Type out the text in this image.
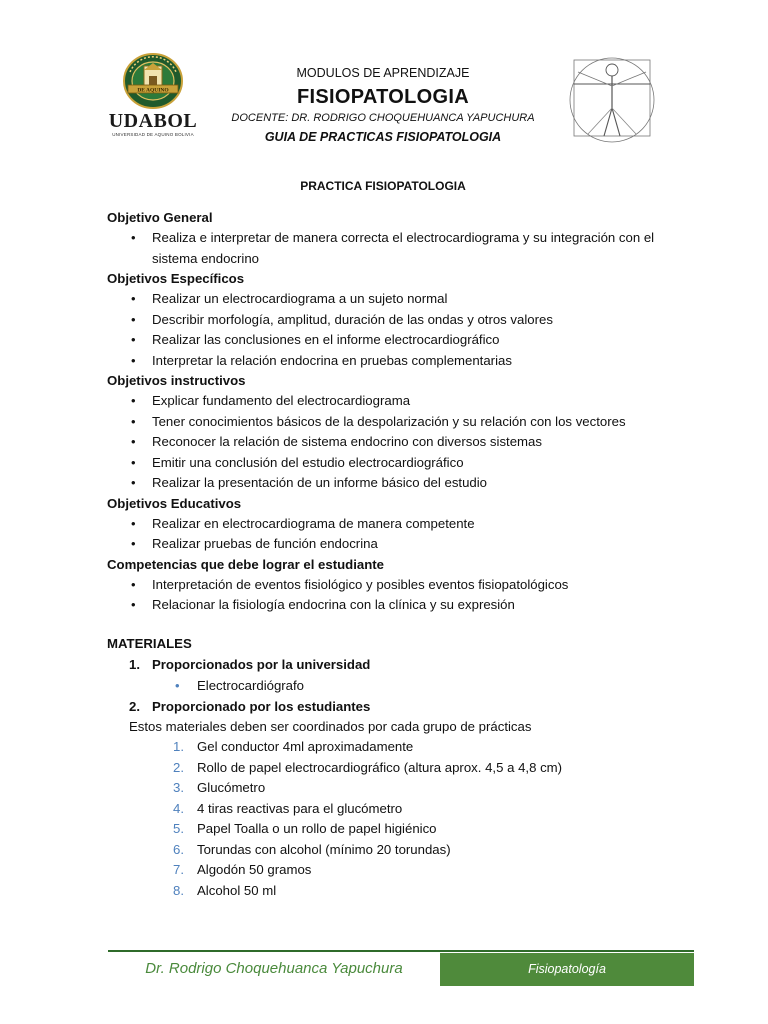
DE AQUINO
UDABOL
UNIVERSIDAD DE AQUINO BOLIVIA
MODULOS DE APRENDIZAJE
FISIOPATOLOGIA
DOCENTE: DR. RODRIGO CHOQUEHUANCA YAPUCHURA
GUIA DE PRACTICAS FISIOPATOLOGIA
PRACTICA FISIOPATOLOGIA

Objetivo General

• Realiza e interpretar de manera correcta el electrocardiograma y su integración con el sistema endocrino

Objetivos Específicos

• Realizar un electrocardiograma a un sujeto normal
• Describir morfología, amplitud, duración de las ondas y otros valores
• Realizar las conclusiones en el informe electrocardiográfico
• Interpretar la relación endocrina en pruebas complementarias

Objetivos instructivos

• Explicar fundamento del electrocardiograma
• Tener conocimientos básicos de la despolarización y su relación con los vectores
• Reconocer la relación de sistema endocrino con diversos sistemas
• Emitir una conclusión del estudio electrocardiográfico
• Realizar la presentación de un informe básico del estudio

Objetivos Educativos

• Realizar en electrocardiograma de manera competente
• Realizar pruebas de función endocrina

Competencias que debe lograr el estudiante

• Interpretación de eventos fisiológico y posibles eventos fisiopatológicos
• Relacionar la fisiología endocrina con la clínica y su expresión

MATERIALES

1. Proporcionados por la universidad
• Electrocardiógrafo
2. Proporcionado por los estudiantes
Estos materiales deben ser coordinados por cada grupo de prácticas
1. Gel conductor 4ml aproximadamente
2. Rollo de papel electrocardiográfico (altura aprox. 4,5 a 4,8 cm)
3. Glucómetro
4. 4 tiras reactivas para el glucómetro
5. Papel Toalla o un rollo de papel higiénico
6. Torundas con alcohol (mínimo 20 torundas)
7. Algodón 50 gramos
8. Alcohol 50 ml
Dr. Rodrigo Choquehuanca Yapuchura	Fisiopatología
